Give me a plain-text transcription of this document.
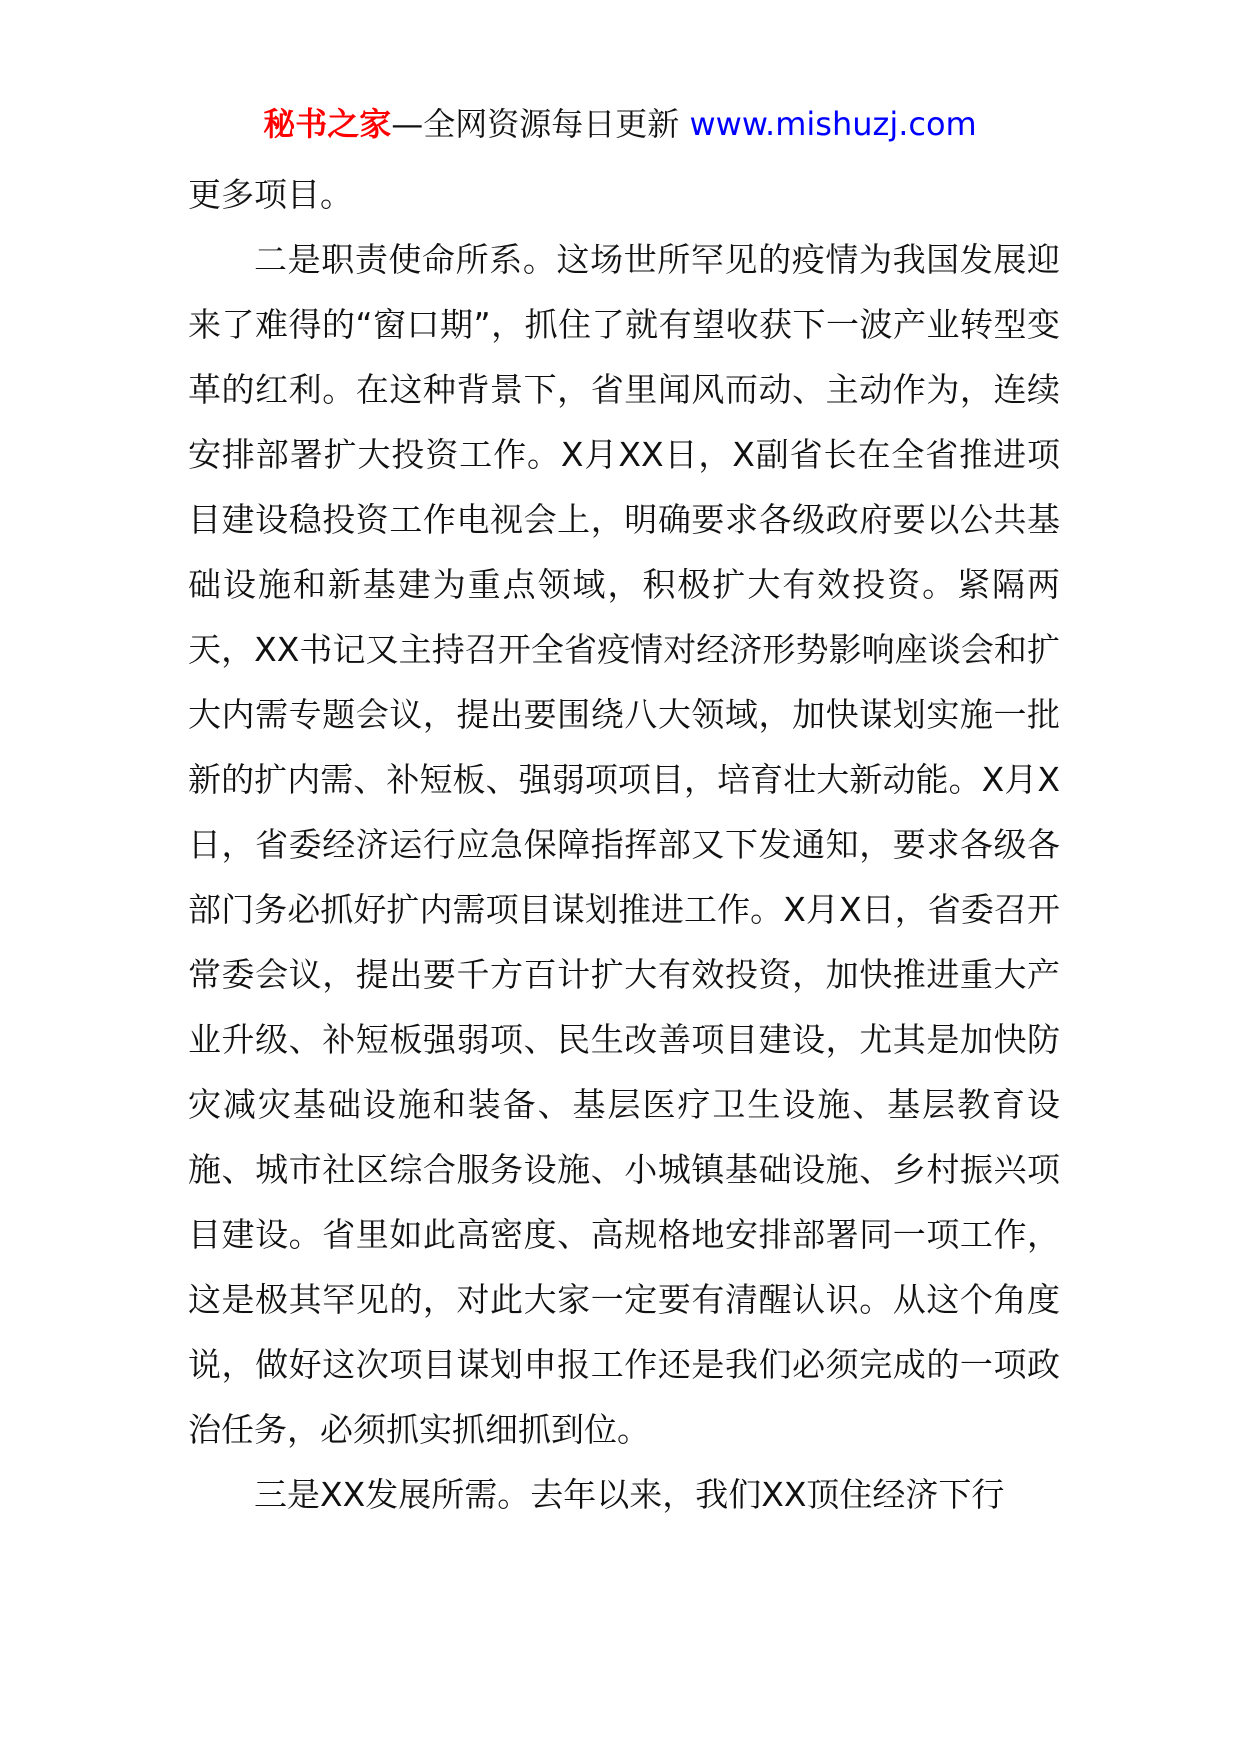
秘书之家—全网资源每日更新 www.mishuzj.com

更多项目。

二是职责使命所系。这场世所罕见的疫情为我国发展迎来了难得的“窗口期”，抓住了就有望收获下一波产业转型变革的红利。在这种背景下，省里闻风而动、主动作为，连续安排部署扩大投资工作。X月XX日，X副省长在全省推进项目建设稳投资工作电视会上，明确要求各级政府要以公共基础设施和新基建为重点领域，积极扩大有效投资。紧隔两天，XX书记又主持召开全省疫情对经济形势影响座谈会和扩大内需专题会议，提出要围绕八大领域，加快谋划实施一批新的扩内需、补短板、强弱项项目，培育壮大新动能。X月X日，省委经济运行应急保障指挥部又下发通知，要求各级各部门务必抓好扩内需项目谋划推进工作。X月X日，省委召开常委会议，提出要千方百计扩大有效投资，加快推进重大产业升级、补短板强弱项、民生改善项目建设，尤其是加快防灾减灾基础设施和装备、基层医疗卫生设施、基层教育设施、城市社区综合服务设施、小城镇基础设施、乡村振兴项目建设。省里如此高密度、高规格地安排部署同一项工作，这是极其罕见的，对此大家一定要有清醒认识。从这个角度说，做好这次项目谋划申报工作还是我们必须完成的一项政治任务，必须抓实抓细抓到位。

三是XX发展所需。去年以来，我们XX顶住经济下行
